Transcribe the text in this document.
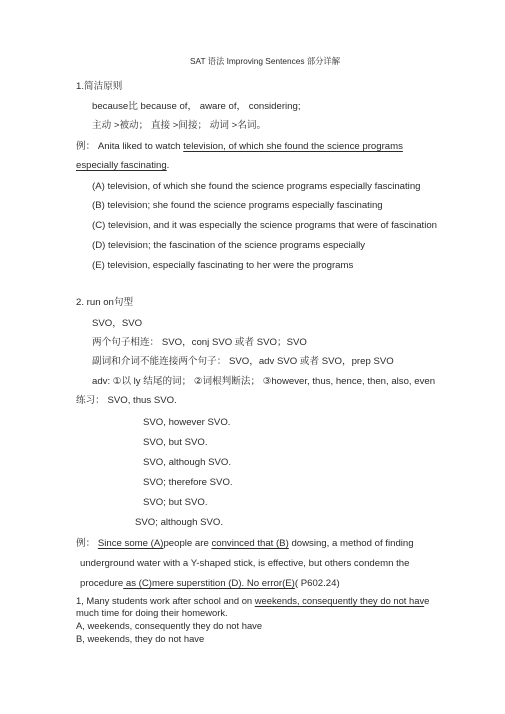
SAT 语法 Improving Sentences 部分详解
1.简洁原则
because比 because of， aware of， considering;
主动 >被动； 直接 >间接； 动词 >名词。
例： Anita liked to watch television, of which she found the science programs
especially fascinating.
(A) television, of which she found the science programs especially fascinating
(B) television; she found the science programs especially fascinating
(C) television, and it was especially the science programs that were of fascination
(D) television; the fascination of the science programs especially
(E) television, especially fascinating to her were the programs
2. run on句型
SVO，SVO
两个句子相连： SVO，conj SVO 或者 SVO；SVO
副词和介词不能连接两个句子： SVO，adv SVO 或者 SVO，prep SVO
adv: ①以 ly 结尾的词； ②词根判断法； ③however, thus, hence, then, also, even
练习： SVO, thus SVO.
SVO, however SVO.
SVO, but SVO.
SVO, although SVO.
SVO; therefore SVO.
SVO; but SVO.
SVO; although SVO.
例： Since some (A)people are convinced that (B) dowsing, a method of finding
underground water with a Y-shaped stick, is effective, but others condemn the
procedure as (C)mere superstition (D). No error(E)( P602.24)
1, Many students work after school and on weekends, consequently they do not have
much time for doing their homework.
A, weekends, consequently they do not have
B, weekends, they do not have
